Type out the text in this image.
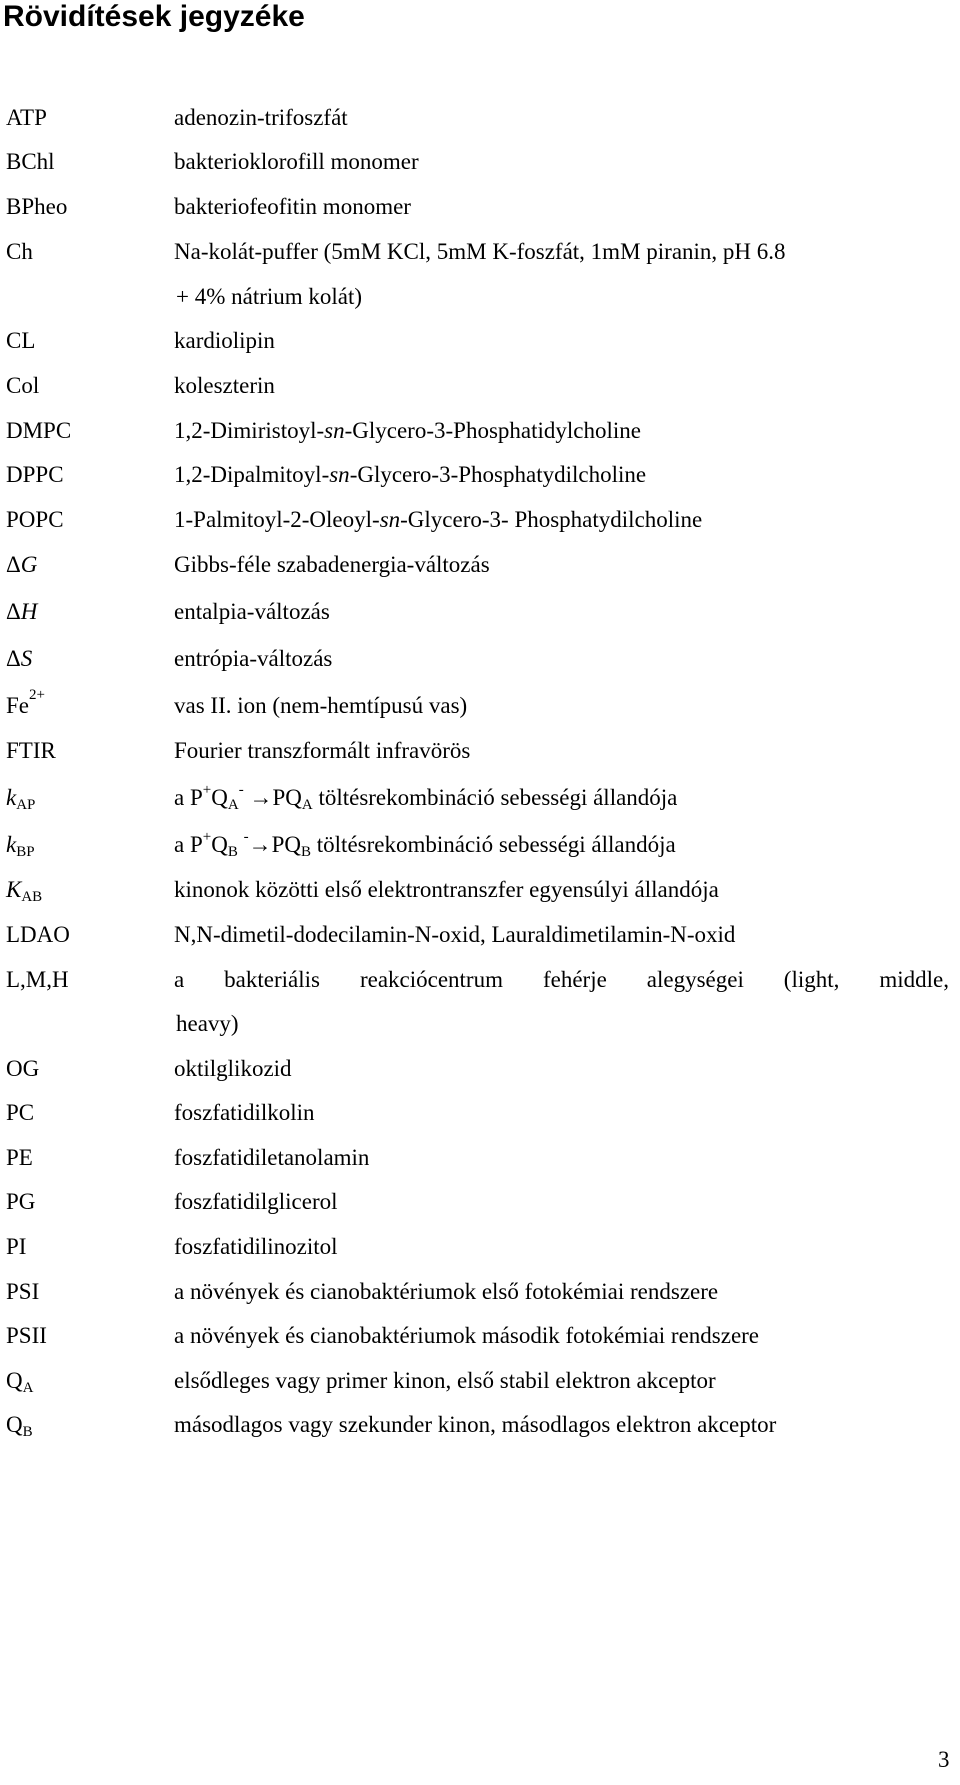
Rövidítések jegyzéke
ATP	adenozin-trifoszfát
BChl	bakterioklorofill monomer
BPheo	bakteriofeofitin monomer
Ch	Na-kolát-puffer (5mM KCl, 5mM K-foszfát, 1mM piranin, pH 6.8
+ 4% nátrium kolát)
CL	kardiolipin
Col	koleszterin
DMPC	1,2-Dimiristoyl-sn-Glycero-3-Phosphatidylcholine
DPPC	1,2-Dipalmitoyl-sn-Glycero-3-Phosphatydilcholine
POPC	1-Palmitoyl-2-Oleoyl-sn-Glycero-3- Phosphatydilcholine
ΔG	Gibbs-féle szabadenergia-változás
ΔH	entalpia-változás
ΔS	entrópia-változás
$Fe^{2+}$	vas II. ion (nem-hemtípusú vas)
FTIR	Fourier transzformált infravörös
$k_{AP}$	a $P^+Q_A^- \to PQ_A$ töltésrekombináció sebességi állandója
$k_{BP}$	a $P^+Q_B$ $^-\to PQ_B$ töltésrekombináció sebességi állandója
$K_{AB}$	kinonok közötti első elektrontranszfer egyensúlyi állandója
LDAO	N,N-dimetil-dodecilamin-N-oxid, Lauraldimetilamin-N-oxid
L,M,H	a bakteriális reakciócentrum fehérje alegységei (light, middle,
heavy)
OG	oktilglikozid
PC	foszfatidilkolin
PE	foszfatidiletanolamin
PG	foszfatidilglicerol
PI	foszfatidilinozitol
PSI	a növények és cianobaktériumok első fotokémiai rendszere
PSII	a növények és cianobaktériumok második fotokémiai rendszere
$Q_A$	elsődleges vagy primer kinon, első stabil elektron akceptor
$Q_B$	másodlagos vagy szekunder kinon, másodlagos elektron akceptor
3
